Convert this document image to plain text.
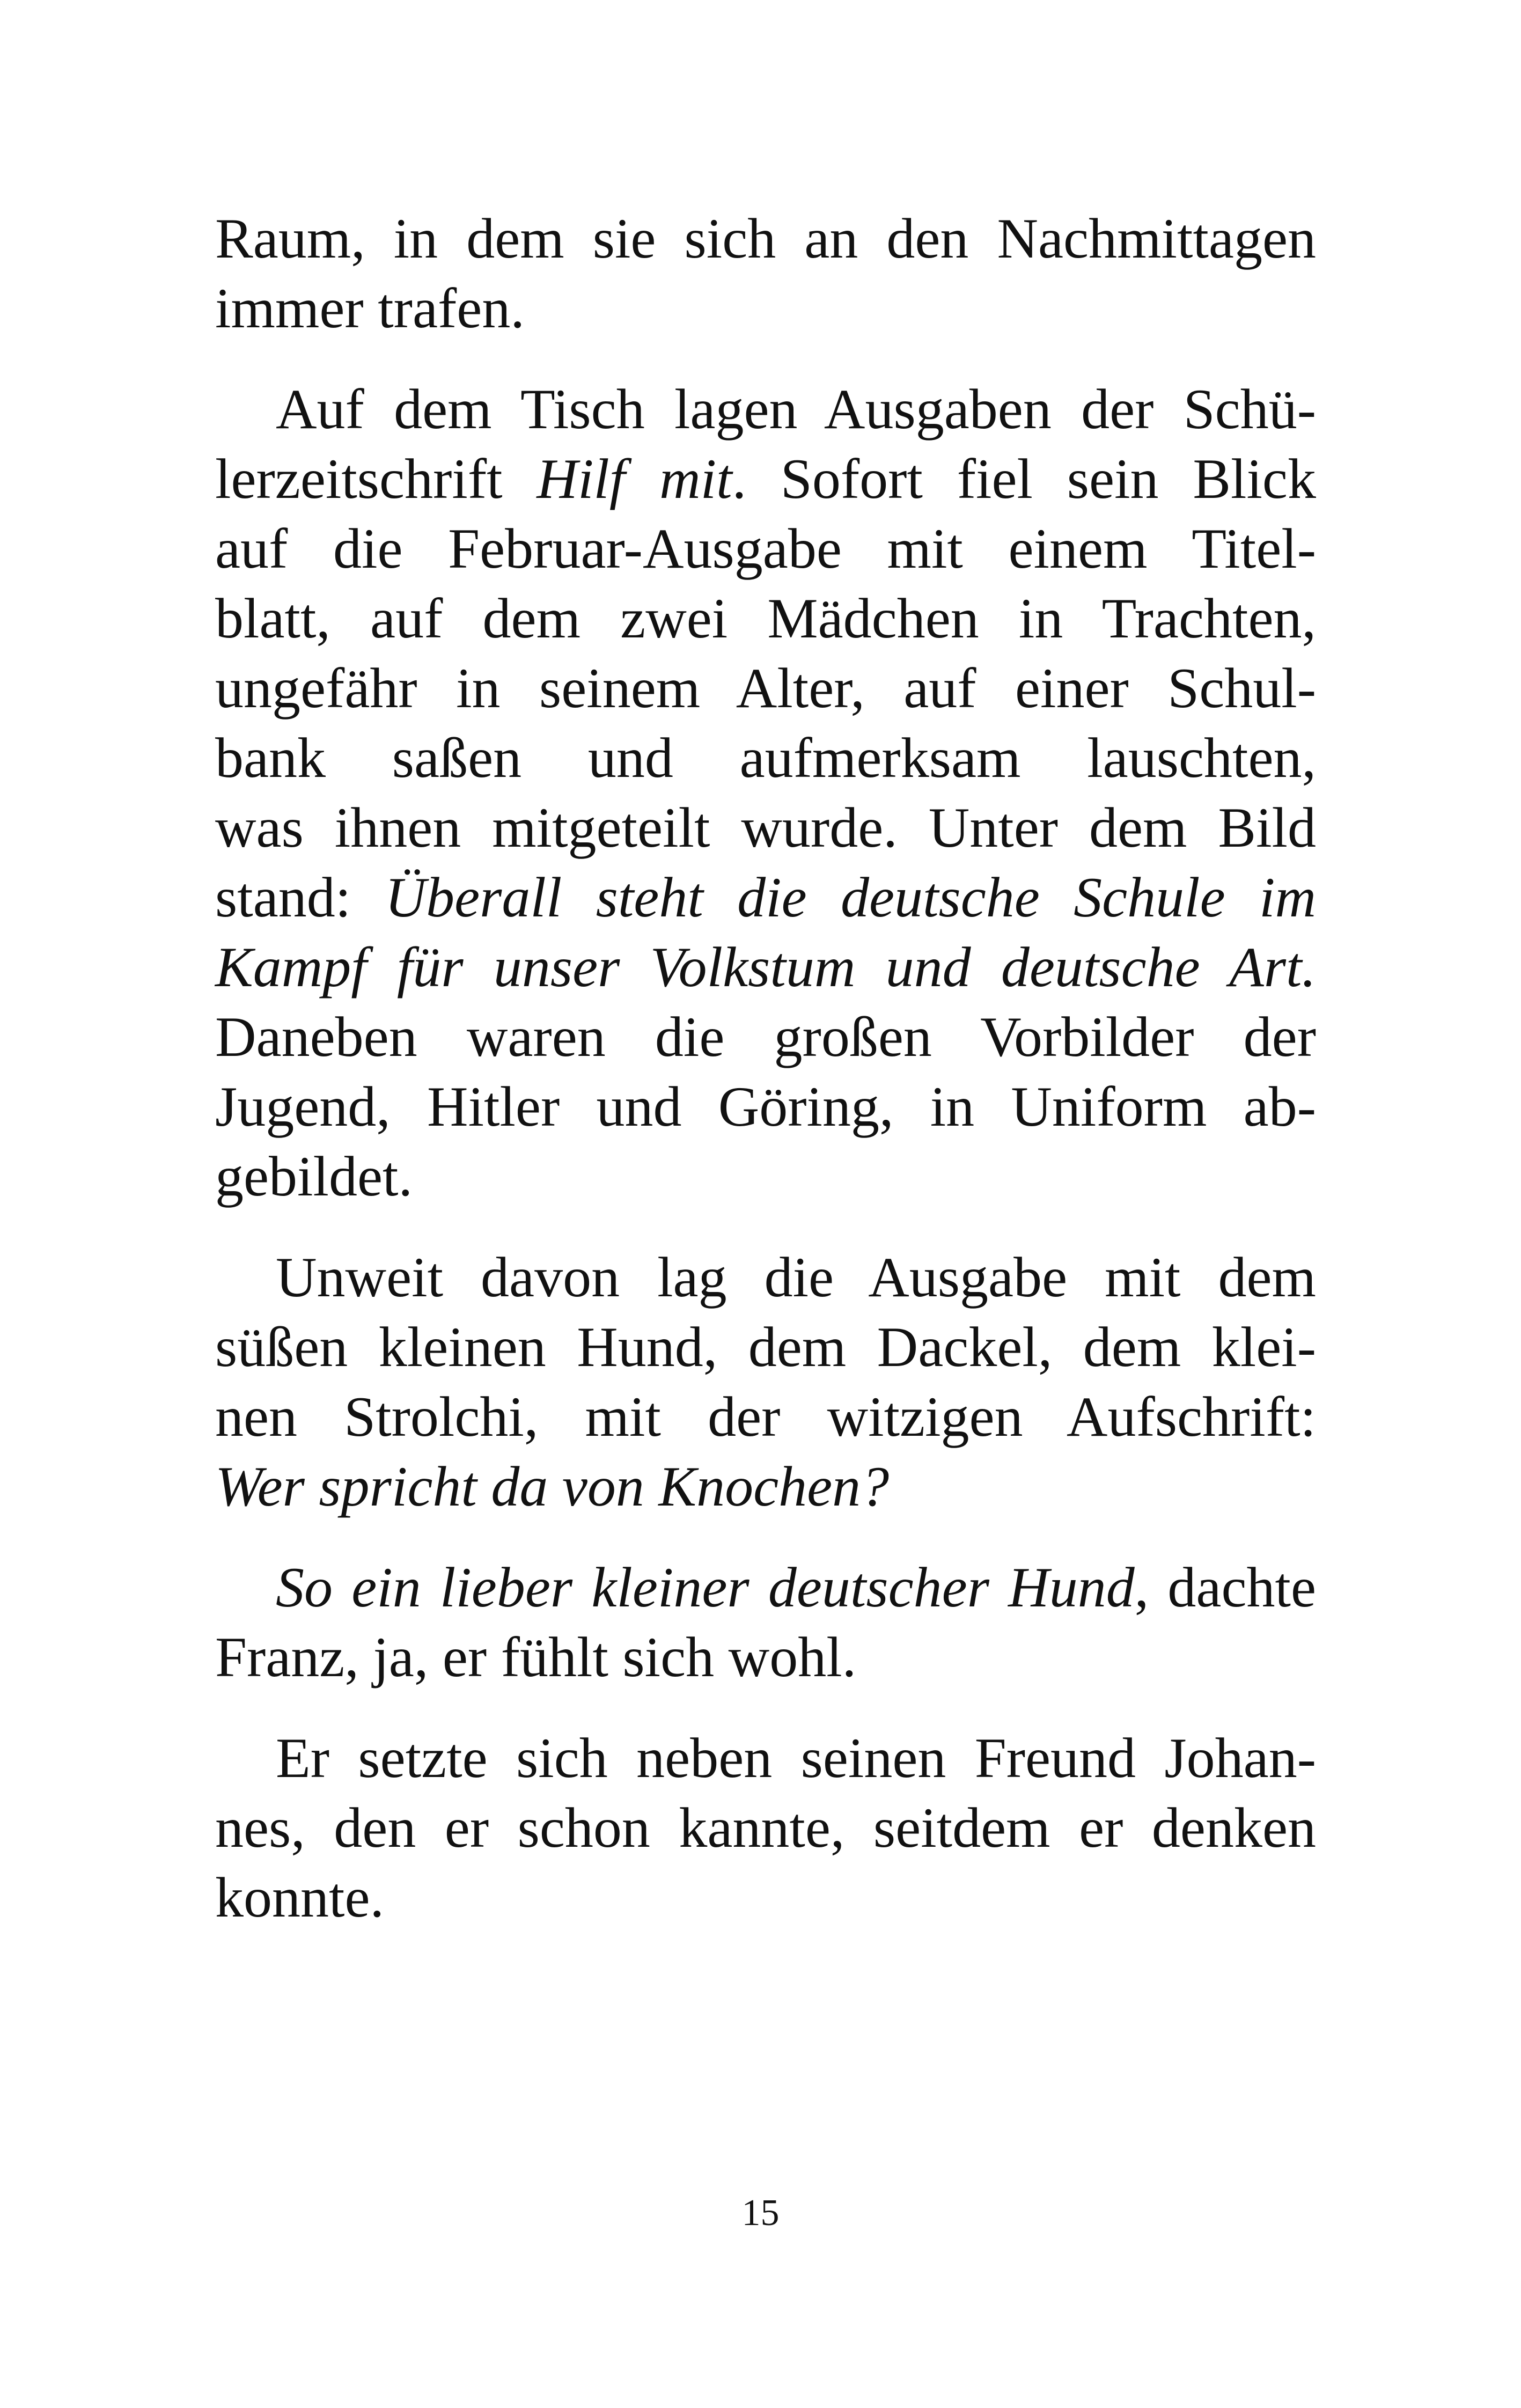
Raum, in dem sie sich an den Nachmittagen
immer trafen.

Auf dem Tisch lagen Ausgaben der Schü-
lerzeitschrift Hilf mit. Sofort fiel sein Blick
auf die Februar-Ausgabe mit einem Titel-
blatt, auf dem zwei Mädchen in Trachten,
ungefähr in seinem Alter, auf einer Schul-
bank saßen und aufmerksam lauschten,
was ihnen mitgeteilt wurde. Unter dem Bild
stand: Überall steht die deutsche Schule im
Kampf für unser Volkstum und deutsche Art.
Daneben waren die großen Vorbilder der
Jugend, Hitler und Göring, in Uniform ab-
gebildet.

Unweit davon lag die Ausgabe mit dem
süßen kleinen Hund, dem Dackel, dem klei-
nen Strolchi, mit der witzigen Aufschrift:
Wer spricht da von Knochen?

So ein lieber kleiner deutscher Hund, dachte
Franz, ja, er fühlt sich wohl.

Er setzte sich neben seinen Freund Johan-
nes, den er schon kannte, seitdem er denken
konnte.

15
